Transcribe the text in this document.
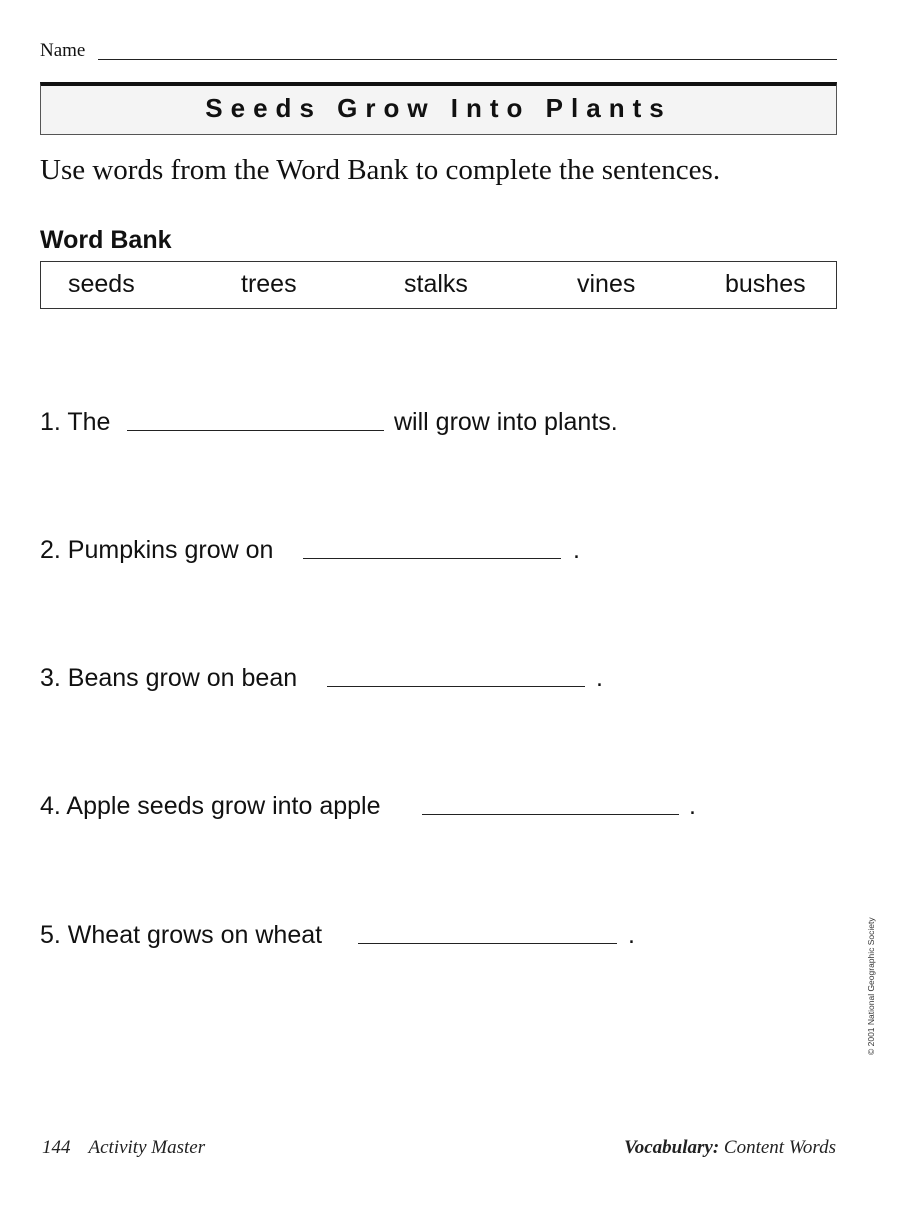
Name
Seeds Grow Into Plants
Use words from the Word Bank to complete the sentences.
Word Bank
seeds	trees	stalks	vines	bushes
1. The	will grow into plants.
2. Pumpkins grow on	.
3. Beans grow on bean	.
4. Apple seeds grow into apple	.
5. Wheat grows on wheat	.	© 2001 National Geographic Society
144 Activity Master	Vocabulary: Content Words
